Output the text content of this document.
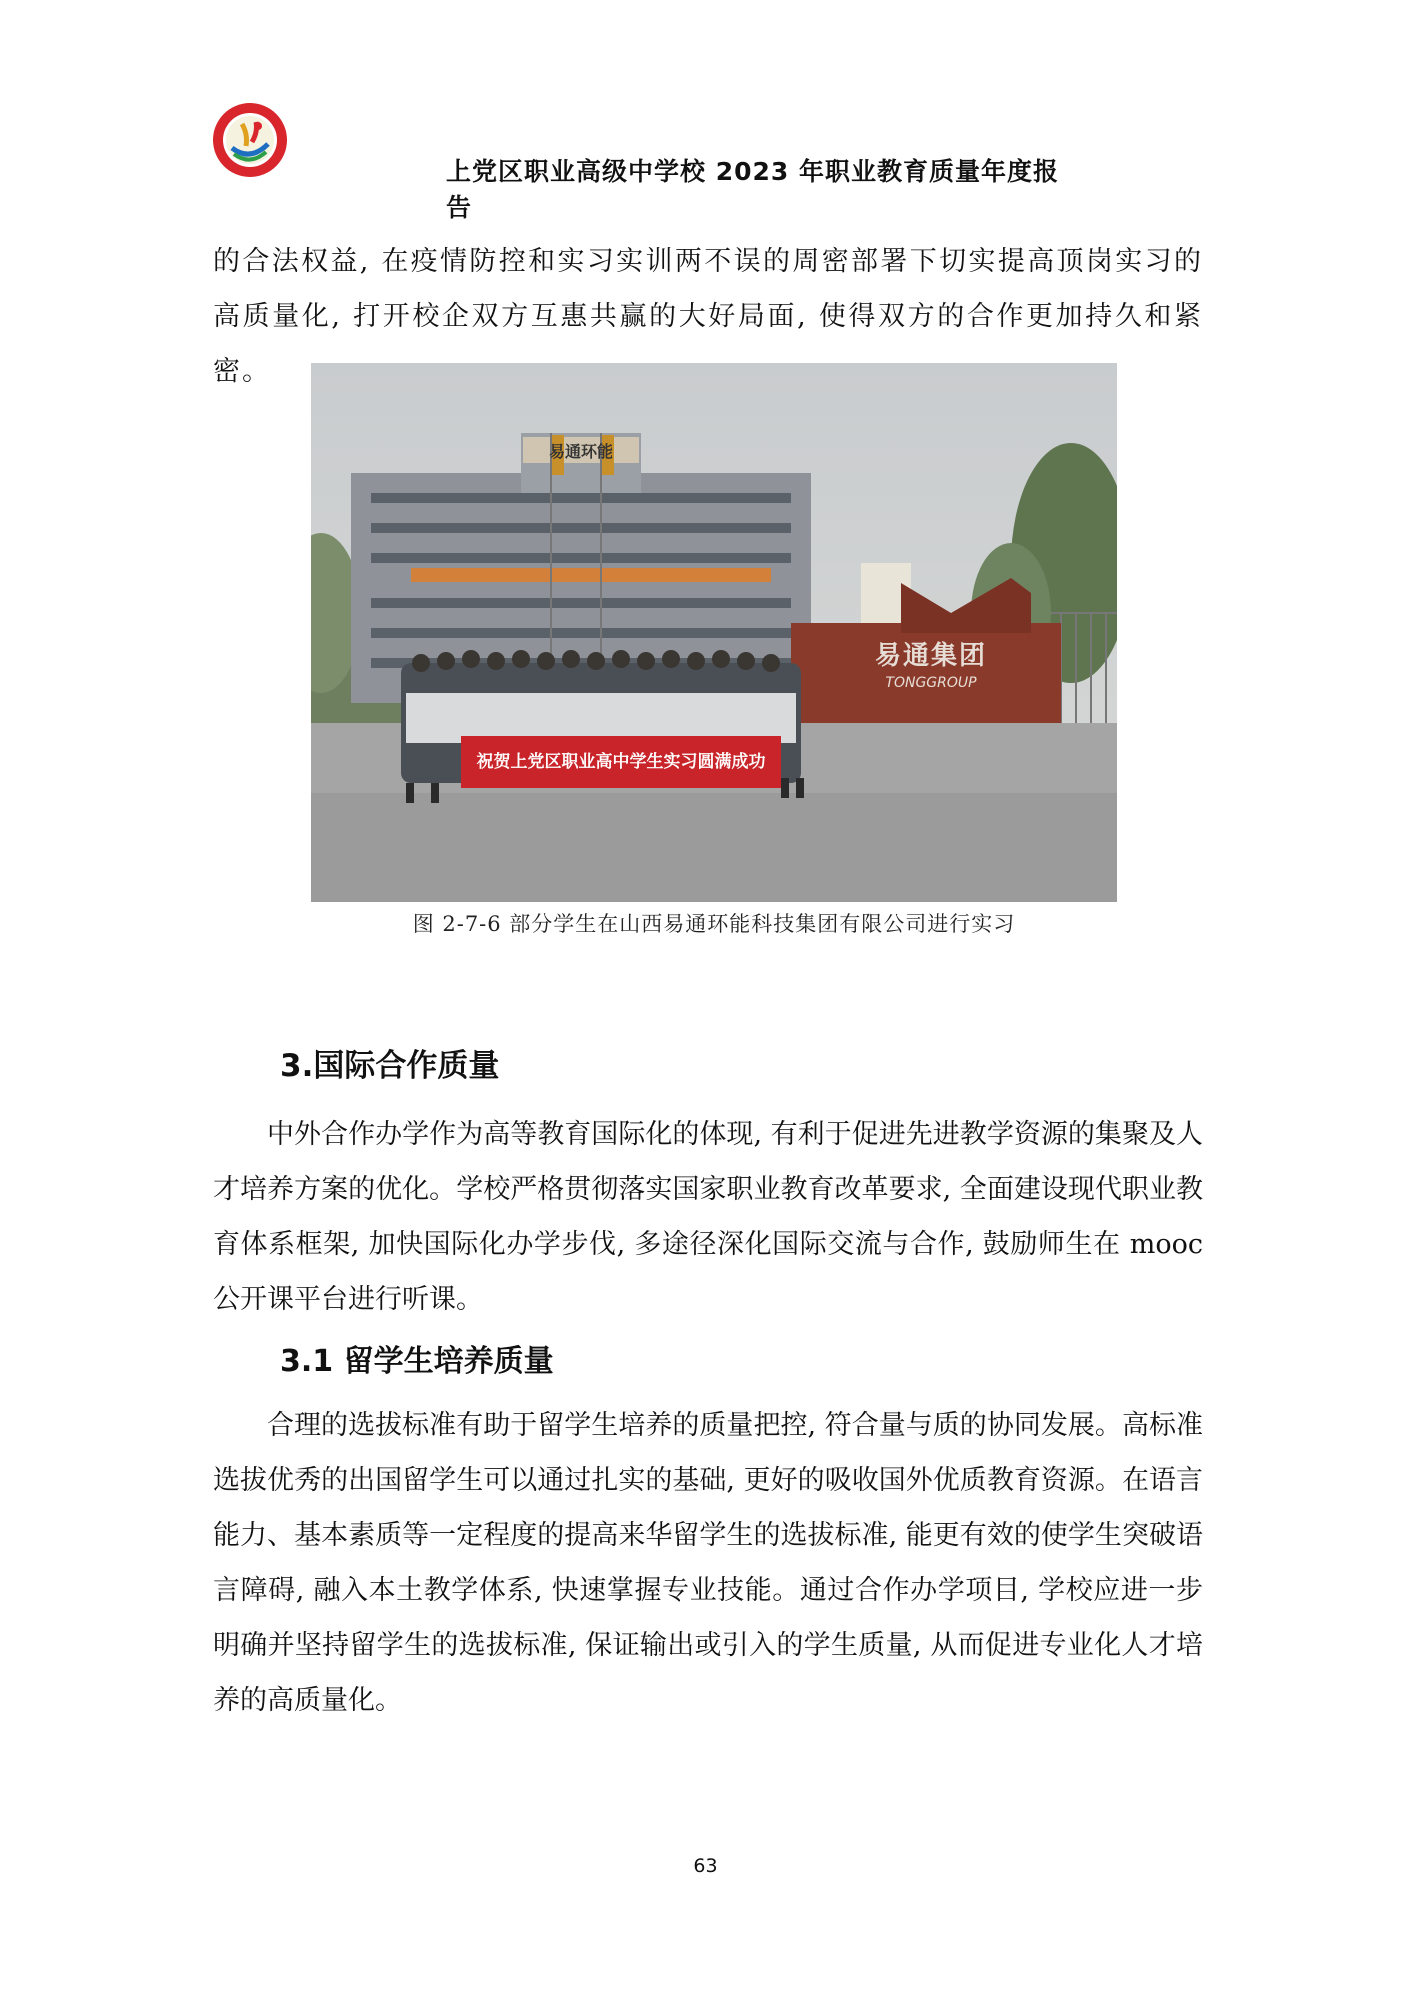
上党区职业高级中学校 2023 年职业教育质量年度报告

的合法权益, 在疫情防控和实习实训两不误的周密部署下切实提高顶岗实习的高质量化, 打开校企双方互惠共赢的大好局面, 使得双方的合作更加持久和紧密。

易通环能
易通集团
TONGGROUP
祝贺上党区职业高中学生实习圆满成功
图 2-7-6 部分学生在山西易通环能科技集团有限公司进行实习
3.国际合作质量

中外合作办学作为高等教育国际化的体现, 有利于促进先进教学资源的集聚及人才培养方案的优化。学校严格贯彻落实国家职业教育改革要求, 全面建设现代职业教育体系框架, 加快国际化办学步伐, 多途径深化国际交流与合作, 鼓励师生在 mooc 公开课平台进行听课。

3.1 留学生培养质量

合理的选拔标准有助于留学生培养的质量把控, 符合量与质的协同发展。高标准选拔优秀的出国留学生可以通过扎实的基础, 更好的吸收国外优质教育资源。在语言能力、基本素质等一定程度的提高来华留学生的选拔标准, 能更有效的使学生突破语言障碍, 融入本土教学体系, 快速掌握专业技能。通过合作办学项目, 学校应进一步明确并坚持留学生的选拔标准, 保证输出或引入的学生质量, 从而促进专业化人才培养的高质量化。

63
